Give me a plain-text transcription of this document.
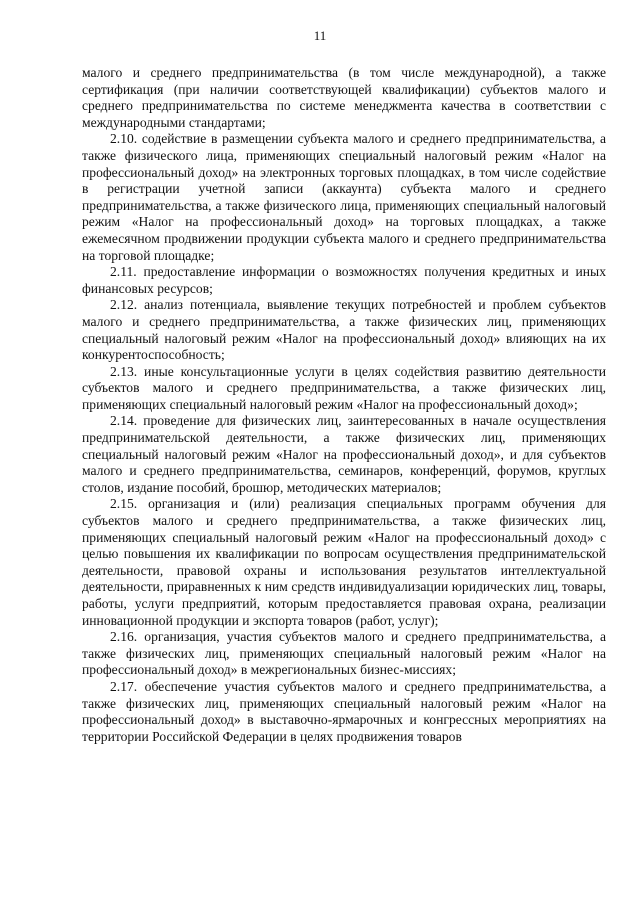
11

малого и среднего предпринимательства (в том числе международной), а также сертификация (при наличии соответствующей квалификации) субъектов малого и среднего предпринимательства по системе менеджмента качества в соответствии с международными стандартами;

2.10. содействие в размещении субъекта малого и среднего предпринимательства, а также физического лица, применяющих специальный налоговый режим «Налог на профессиональный доход» на электронных торговых площадках, в том числе содействие в регистрации учетной записи (аккаунта) субъекта малого и среднего предпринимательства, а также физического лица, применяющих специальный налоговый режим «Налог на профессиональный доход» на торговых площадках, а также ежемесячном продвижении продукции субъекта малого и среднего предпринимательства на торговой площадке;

2.11. предоставление информации о возможностях получения кредитных и иных финансовых ресурсов;

2.12. анализ потенциала, выявление текущих потребностей и проблем субъектов малого и среднего предпринимательства, а также физических лиц, применяющих специальный налоговый режим «Налог на профессиональный доход» влияющих на их конкурентоспособность;

2.13. иные консультационные услуги в целях содействия развитию деятельности субъектов малого и среднего предпринимательства, а также физических лиц, применяющих специальный налоговый режим «Налог на профессиональный доход»;

2.14. проведение для физических лиц, заинтересованных в начале осуществления предпринимательской деятельности, а также физических лиц, применяющих специальный налоговый режим «Налог на профессиональный доход», и для субъектов малого и среднего предпринимательства, семинаров, конференций, форумов, круглых столов, издание пособий, брошюр, методических материалов;

2.15. организация и (или) реализация специальных программ обучения для субъектов малого и среднего предпринимательства, а также физических лиц, применяющих специальный налоговый режим «Налог на профессиональный доход» с целью повышения их квалификации по вопросам осуществления предпринимательской деятельности, правовой охраны и использования результатов интеллектуальной деятельности, приравненных к ним средств индивидуализации юридических лиц, товары, работы, услуги предприятий, которым предоставляется правовая охрана, реализации инновационной продукции и экспорта товаров (работ, услуг);

2.16. организация, участия субъектов малого и среднего предпринимательства, а также физических лиц, применяющих специальный налоговый режим «Налог на профессиональный доход» в межрегиональных бизнес-миссиях;

2.17. обеспечение участия субъектов малого и среднего предпринимательства, а также физических лиц, применяющих специальный налоговый режим «Налог на профессиональный доход» в выставочно-ярмарочных и конгрессных мероприятиях на территории Российской Федерации в целях продвижения товаров
